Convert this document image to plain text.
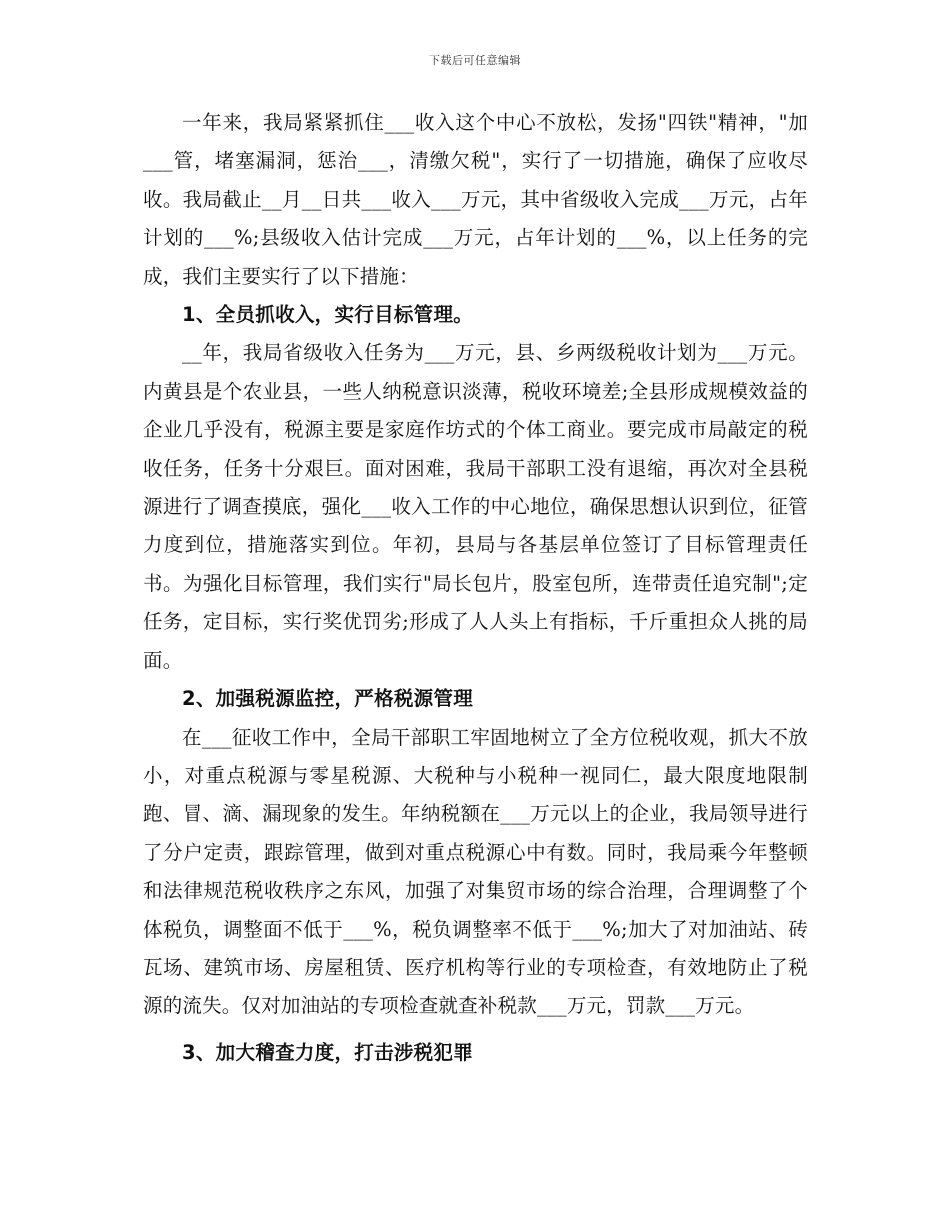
下载后可任意编辑

一年来，我局紧紧抓住___收入这个中心不放松，发扬"四铁"精神，"加___管，堵塞漏洞，惩治___，清缴欠税"，实行了一切措施，确保了应收尽收。我局截止__月__日共___收入___万元，其中省级收入完成___万元，占年计划的___%;县级收入估计完成___万元，占年计划的___%，以上任务的完成，我们主要实行了以下措施：

1、全员抓收入，实行目标管理。

__年，我局省级收入任务为___万元，县、乡两级税收计划为___万元。内黄县是个农业县，一些人纳税意识淡薄，税收环境差;全县形成规模效益的企业几乎没有，税源主要是家庭作坊式的个体工商业。要完成市局敲定的税收任务，任务十分艰巨。面对困难，我局干部职工没有退缩，再次对全县税源进行了调查摸底，强化___收入工作的中心地位，确保思想认识到位，征管力度到位，措施落实到位。年初，县局与各基层单位签订了目标管理责任书。为强化目标管理，我们实行"局长包片，股室包所，连带责任追究制";定任务，定目标，实行奖优罚劣;形成了人人头上有指标，千斤重担众人挑的局面。

2、加强税源监控，严格税源管理

在___征收工作中，全局干部职工牢固地树立了全方位税收观，抓大不放小，对重点税源与零星税源、大税种与小税种一视同仁，最大限度地限制跑、冒、滴、漏现象的发生。年纳税额在___万元以上的企业，我局领导进行了分户定责，跟踪管理，做到对重点税源心中有数。同时，我局乘今年整顿和法律规范税收秩序之东风，加强了对集贸市场的综合治理，合理调整了个体税负，调整面不低于___%，税负调整率不低于___%;加大了对加油站、砖瓦场、建筑市场、房屋租赁、医疗机构等行业的专项检查，有效地防止了税源的流失。仅对加油站的专项检查就查补税款___万元，罚款___万元。

3、加大稽查力度，打击涉税犯罪
